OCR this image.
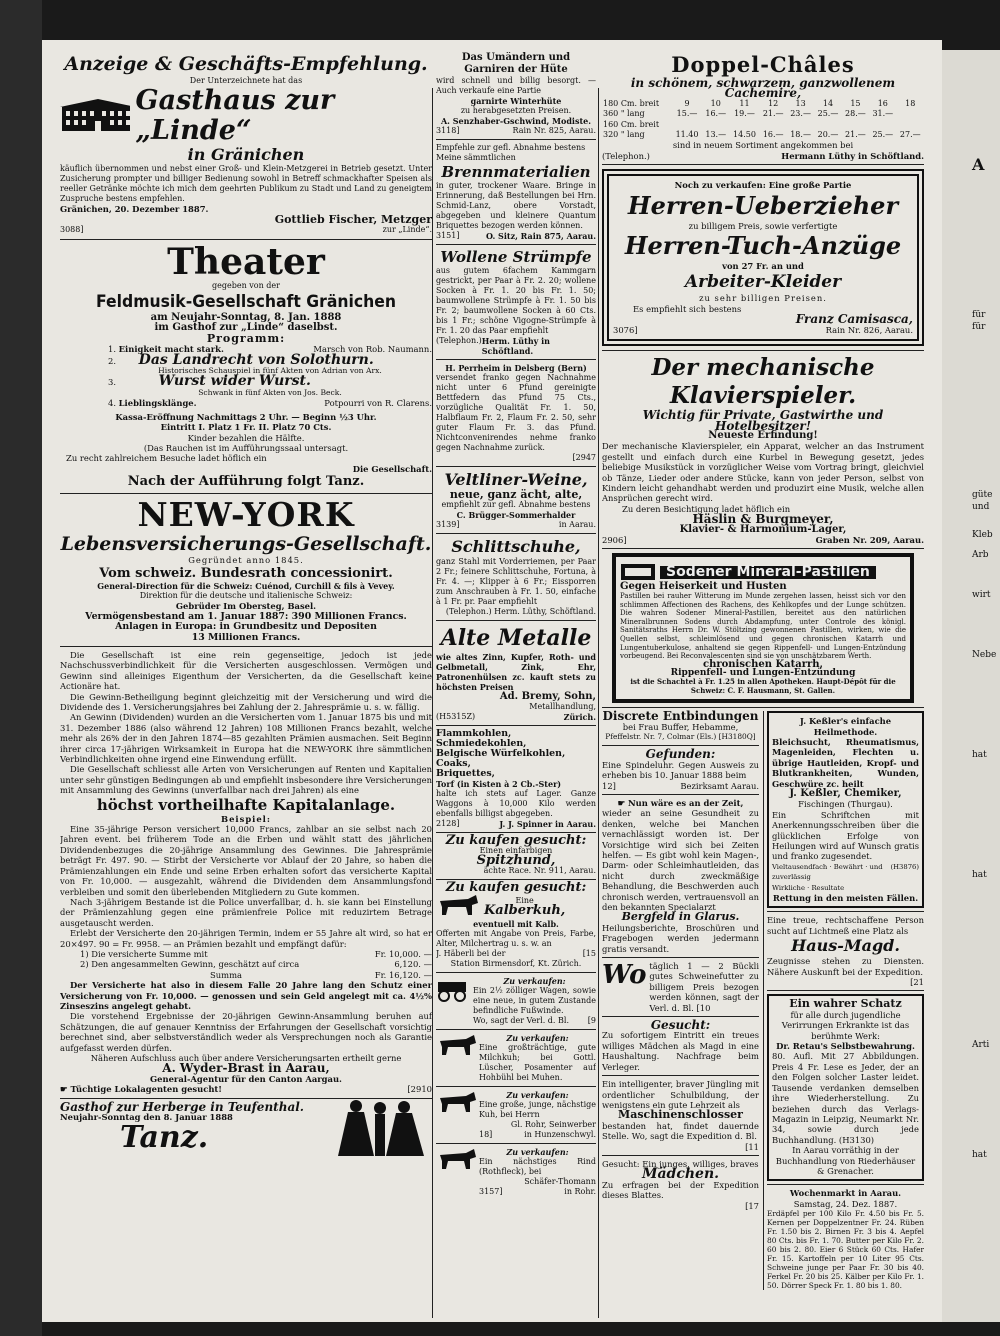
A
für
für
güte
und
Kleb
Arb
wirt
Nebe
hat
hat
Arti
hat
Anzeige & Geschäfts-Empfehlung.
Der Unterzeichnete hat das
Gasthaus zur „Linde“
in Gränichen

käuflich übernommen und nebst einer Groß- und Klein-Metzgerei in Betrieb gesetzt. Unter Zusicherung prompter und billiger Bedienung sowohl in Betreff schmackhafter Speisen als reeller Getränke möchte ich mich dem geehrten Publikum zu Stadt und Land zu geneigtem Zuspruche bestens empfehlen.

Gränichen, 20. Dezember 1887.
Gottlieb Fischer, Metzger
3088]	zur „Linde“.
Theater
gegeben von der
Feldmusik-Gesellschaft Gränichen
am Neujahr-Sonntag, 8. Jan. 1888
im Gasthof zur „Linde“ daselbst.
Programm:
1. Einigkeit macht stark.	Marsch von Rob. Naumann.
2. Das Landrecht von Solothurn.
Historisches Schauspiel in fünf Akten von Adrian von Arx.
3.	Wurst wider Wurst.
Schwank in fünf Akten von Jos. Beck.
4. Lieblingsklänge.	Potpourri von R. Clarens.
Kassa-Eröffnung Nachmittags 2 Uhr. — Beginn ½3 Uhr.
Eintritt I. Platz 1 Fr. II. Platz 70 Cts.
Kinder bezahlen die Hälfte.
(Das Rauchen ist im Aufführungssaal untersagt.
Zu recht zahlreichem Besuche ladet höflich ein
Die Gesellschaft.
Nach der Aufführung folgt Tanz.
NEW-YORK
Lebensversicherungs-Gesellschaft.
Gegründet anno 1845.
Vom schweiz. Bundesrath concessionirt.
General-Direction für die Schweiz: Cuénod, Curchill & fils à Vevey.
Direktion für die deutsche und italienische Schweiz:
Gebrüder Im Obersteg, Basel.
Vermögensbestand am 1. Januar 1887: 390 Millionen Francs.
Anlagen in Europa: in Grundbesitz und Depositen
13 Millionen Francs.

Die Gesellschaft ist eine rein gegenseitige, jedoch ist jede Nachschussverbindlichkeit für die Versicherten ausgeschlossen. Vermögen und Gewinn sind alleiniges Eigenthum der Versicherten, da die Gesellschaft keine Actionäre hat.

Die Gewinn-Betheiligung beginnt gleichzeitig mit der Versicherung und wird die Dividende des 1. Versicherungsjahres bei Zahlung der 2. Jahresprämie u. s. w. fällig.

An Gewinn (Dividenden) wurden an die Versicherten vom 1. Januar 1875 bis und mit 31. Dezember 1886 (also während 12 Jahren) 108 Millionen Francs bezahlt, welche mehr als 26% der in den Jahren 1874—85 gezahlten Prämien ausmachen. Seit Beginn ihrer circa 17-jährigen Wirksamkeit in Europa hat die NEW-YORK ihre sämmtlichen Verbindlichkeiten ohne irgend eine Einwendung erfüllt.

Die Gesellschaft schliesst alle Arten von Versicherungen auf Renten und Kapitalien unter sehr günstigen Bedingungen ab und empfiehlt insbesondere ihre Versicherungen mit Ansammlung des Gewinns (unverfallbar nach drei Jahren) als eine

höchst vortheilhafte Kapitalanlage.
Beispiel:

Eine 35-jährige Person versichert 10,000 Francs, zahlbar an sie selbst nach 20 Jahren event. bei früherem Tode an die Erben und wählt statt des jährlichen Dividendenbezuges die 20-jährige Ansammlung des Gewinnes. Die Jahresprämie beträgt Fr. 497. 90. — Stirbt der Versicherte vor Ablauf der 20 Jahre, so haben die Prämienzahlungen ein Ende und seine Erben erhalten sofort das versicherte Kapital von Fr. 10,000. — ausgezahlt, während die Dividenden dem Ansammlungsfond verbleiben und somit den überlebenden Mitgliedern zu Gute kommen.

Nach 3-jährigem Bestande ist die Police unverfallbar, d. h. sie kann bei Einstellung der Prämienzahlung gegen eine prämienfreie Police mit reduzirtem Betrage ausgetauscht werden.

Erlebt der Versicherte den 20-jährigen Termin, indem er 55 Jahre alt wird, so hat er 20×497. 90 = Fr. 9958. — an Prämien bezahlt und empfängt dafür:

1) Die versicherte Summe mit	Fr. 10,000. —
2) Den angesammelten Gewinn, geschätzt auf circa	6,120. —
Summa	Fr. 16,120. —

Der Versicherte hat also in diesem Falle 20 Jahre lang den Schutz einer Versicherung von Fr. 10,000. — genossen und sein Geld angelegt mit ca. 4½% Zinseszins angelegt gehabt.

Die vorstehend Ergebnisse der 20-jährigen Gewinn-Ansammlung beruhen auf Schätzungen, die auf genauer Kenntniss der Erfahrungen der Gesellschaft vorsichtig berechnet sind, aber selbstverständlich weder als Versprechungen noch als Garantie aufgefasst werden dürfen.

Näheren Aufschluss auch über andere Versicherungsarten ertheilt gerne

A. Wyder-Brast in Aarau,
General-Agentur für den Canton Aargau.
☛ Tüchtige Lokalagenten gesucht!	[2910
Gasthof zur Herberge in Teufenthal.
Neujahr-Sonntag den 8. Januar 1888
Tanz.
Das Umändern und Garniren der Hüte

wird schnell und billig besorgt. — Auch verkaufe eine Partie

garnirte Winterhüte
zu herabgesetzten Preisen.
A. Senzhaber-Gschwind, Modiste.
3118]	Rain Nr. 825, Aarau.

Empfehle zur gefl. Abnahme bestens Meine sämmtlichen

Brennmaterialien

in guter, trockener Waare. Bringe in Erinnerung, daß Bestellungen bei Hrn. Schmid-Lanz, obere Vorstadt, abgegeben und kleinere Quantum Briquettes bezogen werden können.

3151]	O. Sitz, Rain 875, Aarau.
Wollene Strümpfe

aus gutem 6fachem Kammgarn gestrickt, per Paar à Fr. 2. 20; wollene Socken à Fr. 1. 20 bis Fr. 1. 50; baumwollene Strümpfe à Fr. 1. 50 bis Fr. 2; baumwollene Socken à 60 Cts. bis 1 Fr.; schöne Vigogne-Strümpfe à Fr. 1. 20 das Paar empfiehlt

(Telephon.) Herm. Lüthy in Schöftland.
H. Perrheim in Delsberg (Bern)

versendet franko gegen Nachnahme nicht unter 6 Pfund gereinigte Bettfedern das Pfund 75 Cts., vorzügliche Qualität Fr. 1. 50, Halbflaum Fr. 2, Flaum Fr. 2. 50, sehr guter Flaum Fr. 3. das Pfund. Nichtconvenirendes nehme franko gegen Nachnahme zurück.

[2947
Veltliner-Weine,
neue, ganz ächt, alte,
empfiehlt zur gefl. Abnahme bestens
C. Brügger-Sommerhalder
3139]	in Aarau.
Schlittschuhe,

ganz Stahl mit Vorderriemen, per Paar 2 Fr.; feinere Schlittschuhe, Fortuna, à Fr. 4. —; Klipper à 6 Fr.; Eissporren zum Anschrauben à Fr. 1. 50, einfache à 1 Fr. pr. Paar empfiehlt

(Telephon.) Herm. Lüthy, Schöftland.
Alte Metalle

wie altes Zinn, Kupfer, Roth- und Gelbmetall, Zink, Ehr, Patronenhülsen zc. kauft stets zu höchsten Preisen

Ad. Bremy, Sohn,
Metallhandlung,
(H5315Z)	Zürich.
Flammkohlen,
Schmiedekohlen,
Belgische Würfelkohlen,
Coaks,
Briquettes,
Torf (in Kisten à 2 Cb.-Ster)

halte ich stets auf Lager. Ganze Waggons à 10,000 Kilo werden ebenfalls billigst abgegeben.

2128]	J. J. Spinner in Aarau.
Zu kaufen gesucht:
Einen einfarbigen
Spitzhund,
ächte Race. Nr. 911, Aarau.
Zu kaufen gesucht:
Eine
Kalberkuh,
eventuell mit Kalb.

Offerten mit Angabe von Preis, Farbe, Alter, Milchertrag u. s. w. an

J. Häberli bei der	[15
Station Birmensdorf, Kt. Zürich.
Zu verkaufen:

Ein 2½ zölliger Wagen, sowie eine neue, in gutem Zustande befindliche Fußwinde.

Wo, sagt der Verl. d. Bl. [9
Zu verkaufen:

Eine großträchtige, gute Milchkuh; bei Gottl. Lüscher, Posamenter auf Hohbühl bei Muhen.

Zu verkaufen:

Eine große, junge, nächstige Kuh, bei Herrn

Gl. Rohr, Seinwerber
18]	in Hunzenschwyl.
Zu verkaufen:

Ein nächstiges Rind (Rothfleck), bei

Schäfer-Thomann
3157]	in Rohr.
Doppel-Châles
in schönem, schwarzem, ganzwollenem Cachemire,
180 Cm. breit	9	10	11	12	13	14	15	16	18
360 " lang	15.—	16.—	19.—	21.—	23.—	25.—	28.—	31.—	
160 Cm. breit									
320 " lang	11.40	13.—	14.50	16.—	18.—	20.—	21.—	25.—	27.—
sind in neuem Sortiment angekommen bei
(Telephon.)	Hermann Lüthy in Schöftland.
Noch zu verkaufen: Eine große Partie
Herren-Ueberzieher
zu billigem Preis, sowie verfertigte
Herren-Tuch-Anzüge
von 27 Fr. an und
Arbeiter-Kleider
zu sehr billigen Preisen.
Es empfiehlt sich bestens
Franz Camisasca,
3076]	Rain Nr. 826, Aarau.
Der mechanische Klavierspieler.
Wichtig für Private, Gastwirthe und Hotelbesitzer!
Neueste Erfindung!

Der mechanische Klavierspieler, ein Apparat, welcher an das Instrument gestellt und einfach durch eine Kurbel in Bewegung gesetzt, jedes beliebige Musikstück in vorzüglicher Weise vom Vortrag bringt, gleichviel ob Tänze, Lieder oder andere Stücke, kann von jeder Person, selbst von Kindern leicht gehandhabt werden und produzirt eine Musik, welche allen Ansprüchen gerecht wird.

Zu deren Besichtigung ladet höflich ein
Häslin & Burgmeyer,
Klavier- & Harmonium-Lager,
2906]	Graben Nr. 209, Aarau.
Sodener Mineral-Pastillen
Gegen Heiserkeit und Husten

Pastillen bei rauher Witterung im Munde zergehen lassen, heisst sich vor den schlimmen Affectionen des Rachens, des Kehlkopfes und der Lunge schützen. Die wahren Sodener Mineral-Pastillen, bereitet aus den natürlichen Mineralbrunnen Sodens durch Abdampfung, unter Controle des königl. Sanitätsraths Herrn Dr. W. Stöltzing gewonnenen Pastillen, wirken, wie die Quellen selbst, schleimlösend und gegen chronischen Katarrh und Lungentuberkulose, anhaltend sie gegen Rippenfell- und Lungen-Entzündung vorbeugend. Bei Reconvalescenten sind sie von unschätzbarem Werth.

chronischen Katarrh,
Rippenfell- und Lungen-Entzündung

ist die Schachtel à Fr. 1.25 in allen Apotheken. Haupt-Dépôt für die Schweiz: C. F. Hausmann, St. Gallen.

Discrete Entbindungen
bei Frau Buffer, Hebamme,
Pfeffelstr. Nr. 7, Colmar (Els.) [H3180Q]
Gefunden:

Eine Spindeluhr. Gegen Ausweis zu erheben bis 10. Januar 1888 beim

12]	Bezirksamt Aarau.
☛ Nun wäre es an der Zeit,

wieder an seine Gesundheit zu denken, welche bei Manchen vernachlässigt worden ist. Der Vorsichtige wird sich bei Zeiten helfen. — Es gibt wohl kein Magen-, Darm- oder Schleimhautleiden, das nicht durch zweckmäßige Behandlung, die Beschwerden auch chronisch werden, vertrauensvoll an den bekannten Specialarzt

Bergfeld in Glarus.

Heilungsberichte, Broschüren und Fragebogen werden jedermann gratis versandt.

Wo täglich 1 — 2 Bückli gutes Schweinefutter zu billigem Preis bezogen werden können, sagt der Verl. d. Bl. [10

Gesucht:

Zu sofortigem Eintritt ein treues williges Mädchen als Magd in eine Haushaltung. Nachfrage beim Verleger.

Ein intelligenter, braver Jüngling mit ordentlicher Schulbildung, der wenigstens ein gute Lehrzeit als

Maschinenschlosser

bestanden hat, findet dauernde Stelle. Wo, sagt die Expedition d. Bl.

[11
Gesucht: Ein junges, williges, braves
Mädchen.

Zu erfragen bei der Expedition dieses Blattes.

[17
J. Keßler's einfache Heilmethode.

Bleichsucht, Rheumatismus, Magenleiden, Flechten u. übrige Hautleiden, Kropf- und Blutkrankheiten, Wunden, Geschwüre zc. heilt

J. Keßler, Chemiker,
Fischingen (Thurgau).

Ein Schriftchen mit Anerkennungsschreiben über die glücklichen Erfolge von Heilungen wird auf Wunsch gratis und franko zugesendet.

Vieltausendfach · Bewährt · und zuverlässig
(H3876)
Wirkliche · Resultate
Rettung in den meisten Fällen.

Eine treue, rechtschaffene Person sucht auf Lichtmeß eine Platz als

Haus-Magd.

Zeugnisse stehen zu Diensten. Nähere Auskunft bei der Expedition.

[21
Ein wahrer Schatz

für alle durch jugendliche Verirrungen Erkrankte ist das berühmte Werk:

Dr. Retau's Selbstbewahrung.

80. Aufl. Mit 27 Abbildungen. Preis 4 Fr. Lese es Jeder, der an den Folgen solcher Laster leidet. Tausende verdanken demselben ihre Wiederherstellung. Zu beziehen durch das Verlags-Magazin in Leipzig, Neumarkt Nr. 34, sowie durch jede Buchhandlung. (H3130)

In Aarau vorräthig in der Buchhandlung von Riederhäuser & Grenacher.

Wochenmarkt in Aarau.
Samstag, 24. Dez. 1887.

Erdäpfel per 100 Kilo Fr. 4.50 bis Fr. 5. Kernen per Doppelzentner Fr. 24. Rüben Fr. 1.50 bis 2. Birnen Fr. 3 bis 4. Aepfel 80 Cts. bis Fr. 1. 70. Butter per Kilo Fr. 2. 60 bis 2. 80. Eier 6 Stück 60 Cts. Hafer Fr. 15. Kartoffeln per 10 Liter 95 Cts. Schweine junge per Paar Fr. 30 bis 40. Ferkel Fr. 20 bis 25. Kälber per Kilo Fr. 1. 50. Dörrer Speck Fr. 1. 80 bis 1. 80.
